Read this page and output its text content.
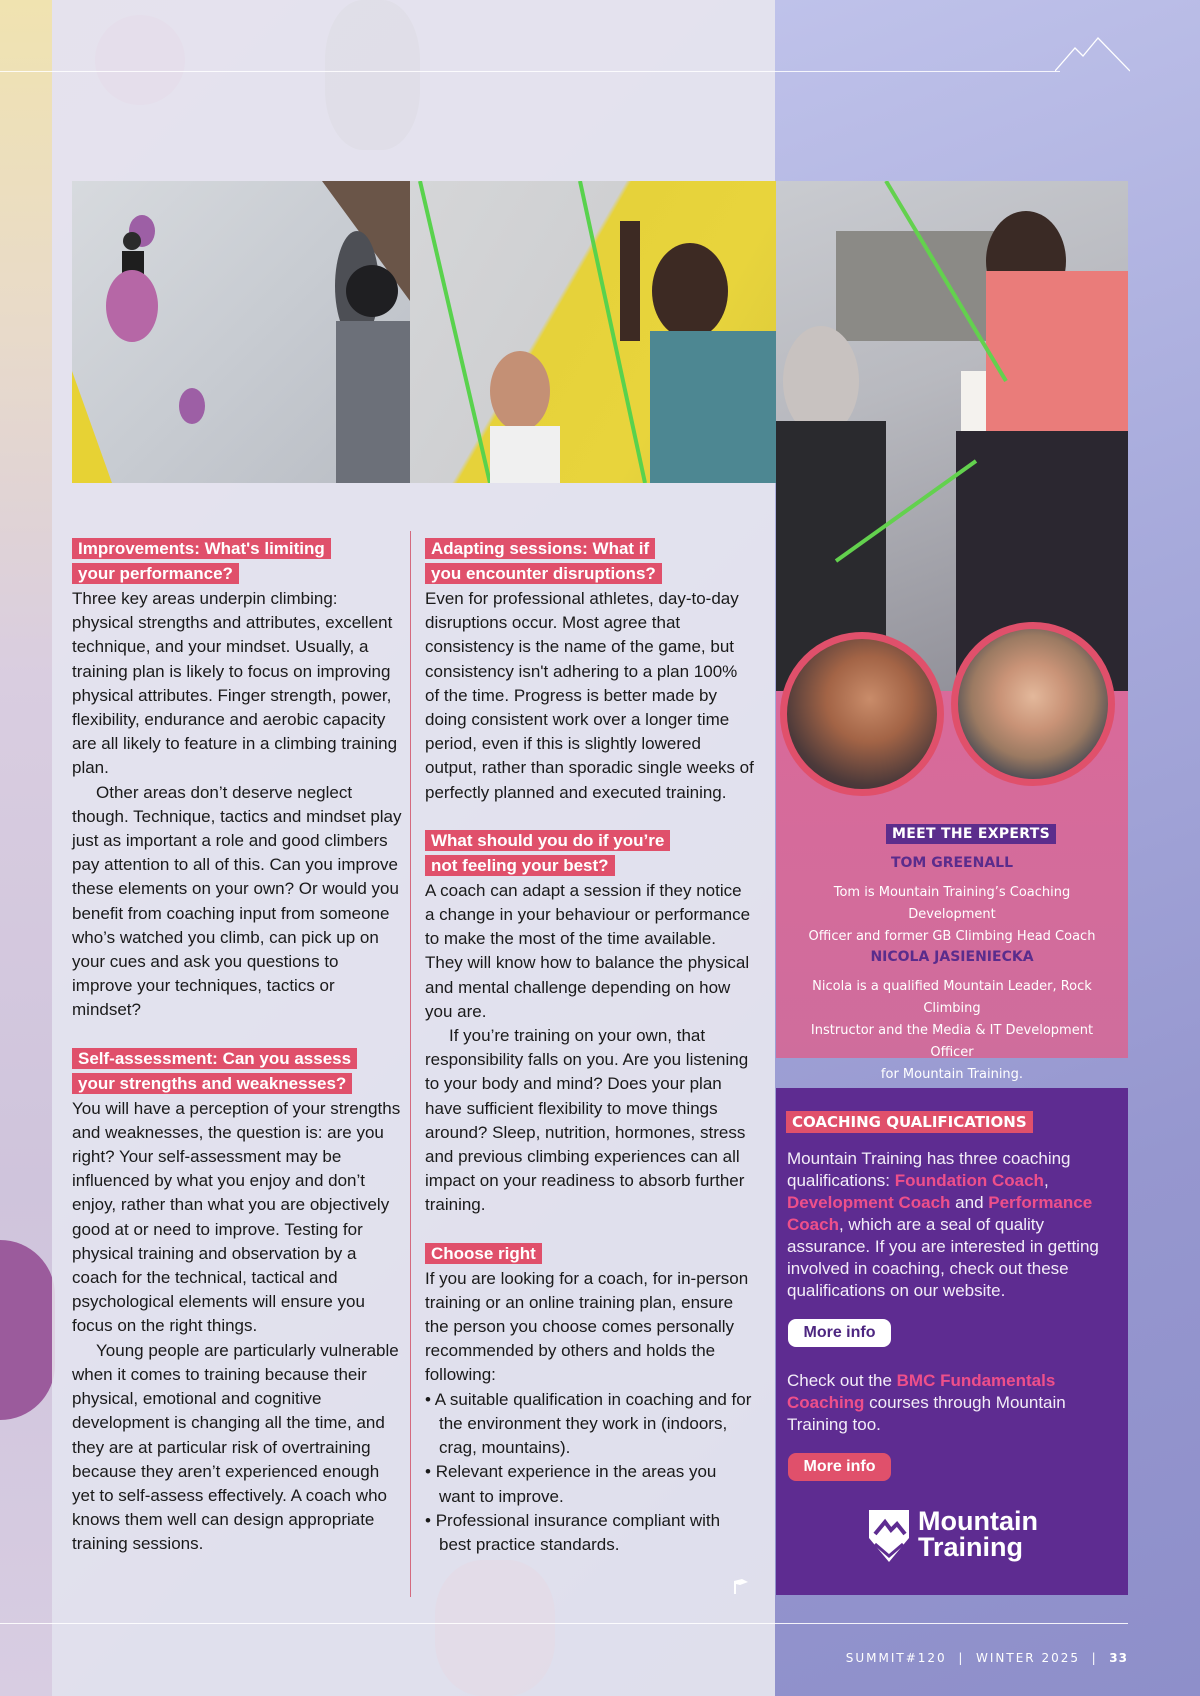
Improvements: What's limiting
your performance?

Three key areas underpin climbing: physical strengths and attributes, excellent technique, and your mindset. Usually, a training plan is likely to focus on improving physical attributes. Finger strength, power, flexibility, endurance and aerobic capacity are all likely to feature in a climbing training plan.

Other areas don’t deserve neglect though. Technique, tactics and mindset play just as important a role and good climbers pay attention to all of this. Can you improve these elements on your own? Or would you benefit from coaching input from someone who’s watched you climb, can pick up on your cues and ask you questions to improve your techniques, tactics or mindset?

Self-assessment: Can you assess
your strengths and weaknesses?

You will have a perception of your strengths and weaknesses, the question is: are you right? Your self-assessment may be influenced by what you enjoy and don’t enjoy, rather than what you are objectively good at or need to improve. Testing for physical training and observation by a coach for the technical, tactical and psychological elements will ensure you focus on the right things.

Young people are particularly vulnerable when it comes to training because their physical, emotional and cognitive development is changing all the time, and they are at particular risk of overtraining because they aren’t experienced enough yet to self-assess effectively. A coach who knows them well can design appropriate training sessions.

Adapting sessions: What if
you encounter disruptions?

Even for professional athletes, day-to-day disruptions occur. Most agree that consistency is the name of the game, but consistency isn't adhering to a plan 100% of the time. Progress is better made by doing consistent work over a longer time period, even if this is slightly lowered output, rather than sporadic single weeks of perfectly planned and executed training.

What should you do if you’re
not feeling your best?

A coach can adapt a session if they notice a change in your behaviour or performance to make the most of the time available. They will know how to balance the physical and mental challenge depending on how you are.

If you’re training on your own, that responsibility falls on you. Are you listening to your body and mind? Does your plan have sufficient flexibility to move things around? Sleep, nutrition, hormones, stress and previous climbing experiences can all impact on your readiness to absorb further training.

Choose right

If you are looking for a coach, for in-person training or an online training plan, ensure the person you choose comes personally recommended by others and holds the following:

• A suitable qualification in coaching and for the environment they work in (indoors, crag, mountains).
• Relevant experience in the areas you want to improve.
• Professional insurance compliant with best practice standards.
MEET THE EXPERTS
TOM GREENALL
Tom is Mountain Training’s Coaching Development
Officer and former GB Climbing Head Coach
NICOLA JASIENIECKA
Nicola is a qualified Mountain Leader, Rock Climbing
Instructor and the Media & IT Development Officer
for Mountain Training.
COACHING QUALIFICATIONS
Mountain Training has three coaching qualifications: Foundation Coach, Development Coach and Performance Coach, which are a seal of quality assurance. If you are interested in getting involved in coaching, check out these qualifications on our website.
More info
Check out the BMC Fundamentals Coaching courses through Mountain Training too.
More info
Mountain
Training
SUMMIT#120  |  WINTER 2025  |  33
